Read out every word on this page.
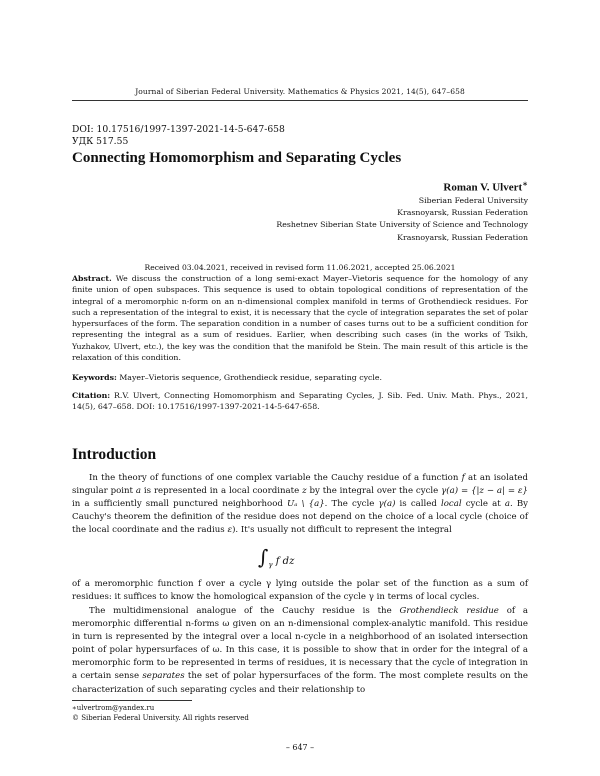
Journal of Siberian Federal University. Mathematics & Physics 2021, 14(5), 647–658
DOI: 10.17516/1997-1397-2021-14-5-647-658
УДК 517.55
Connecting Homomorphism and Separating Cycles
Roman V. Ulvert∗
Siberian Federal University
Krasnoyarsk, Russian Federation
Reshetnev Siberian State University of Science and Technology
Krasnoyarsk, Russian Federation
Received 03.04.2021, received in revised form 11.06.2021, accepted 25.06.2021
Abstract. We discuss the construction of a long semi-exact Mayer–Vietoris sequence for the homology of any finite union of open subspaces. This sequence is used to obtain topological conditions of representation of the integral of a meromorphic n-form on an n-dimensional complex manifold in terms of Grothendieck residues. For such a representation of the integral to exist, it is necessary that the cycle of integration separates the set of polar hypersurfaces of the form. The separation condition in a number of cases turns out to be a sufficient condition for representing the integral as a sum of residues. Earlier, when describing such cases (in the works of Tsikh, Yuzhakov, Ulvert, etc.), the key was the condition that the manifold be Stein. The main result of this article is the relaxation of this condition.
Keywords: Mayer–Vietoris sequence, Grothendieck residue, separating cycle.
Citation: R.V. Ulvert, Connecting Homomorphism and Separating Cycles, J. Sib. Fed. Univ. Math. Phys., 2021, 14(5), 647–658. DOI: 10.17516/1997-1397-2021-14-5-647-658.
Introduction
In the theory of functions of one complex variable the Cauchy residue of a function f at an isolated singular point a is represented in a local coordinate z by the integral over the cycle γ(a) = {|z − a| = ε} in a sufficiently small punctured neighborhood Uₐ \ {a}. The cycle γ(a) is called local cycle at a. By Cauchy's theorem the definition of the residue does not depend on the choice of a local cycle (choice of the local coordinate and the radius ε). It's usually not difficult to represent the integral
$\int_\gamma$ f dz
of a meromorphic function f over a cycle γ lying outside the polar set of the function as a sum of residues: it suffices to know the homological expansion of the cycle γ in terms of local cycles.
The multidimensional analogue of the Cauchy residue is the Grothendieck residue of a meromorphic differential n-forms ω given on an n-dimensional complex-analytic manifold. This residue in turn is represented by the integral over a local n-cycle in a neighborhood of an isolated intersection point of polar hypersurfaces of ω. In this case, it is possible to show that in order for the integral of a meromorphic form to be represented in terms of residues, it is necessary that the cycle of integration in a certain sense separates the set of polar hypersurfaces of the form. The most complete results on the characterization of such separating cycles and their relationship to
∗ulvertrom@yandex.ru
© Siberian Federal University. All rights reserved
– 647 –
